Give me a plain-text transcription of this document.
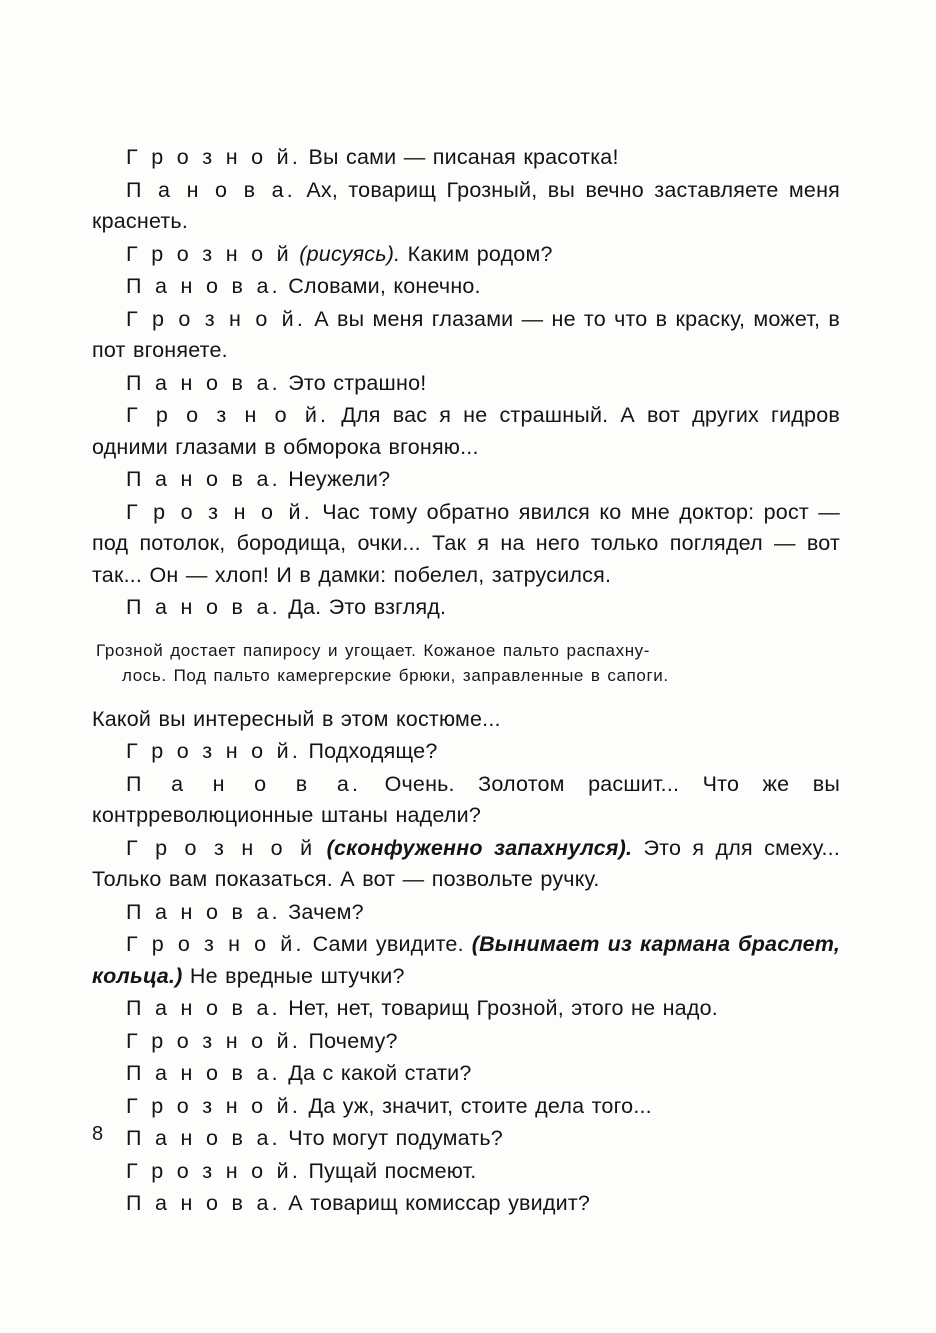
Г р о з н о й. Вы сами — писаная красотка!

П а н о в а. Ах, товарищ Грозный, вы вечно заставляете меня краснеть.

Г р о з н о й (рисуясь). Каким родом?

П а н о в а. Словами, конечно.

Г р о з н о й. А вы меня глазами — не то что в краску, может, в пот вгоняете.

П а н о в а. Это страшно!

Г р о з н о й. Для вас я не страшный. А вот других гидров одними глазами в обморока вгоняю...

П а н о в а. Неужели?

Г р о з н о й. Час тому обратно явился ко мне доктор: рост — под потолок, бородища, очки... Так я на него только поглядел — вот так... Он — хлоп! И в дамки: побелел, затрусился.

П а н о в а. Да. Это взгляд.

Грозной достает папиросу и угощает. Кожаное пальто распахну-
лось. Под пальто камергерские брюки, заправленные в сапоги.

Какой вы интересный в этом костюме...

Г р о з н о й. Подходяще?

П а н о в а. Очень. Золотом расшит... Что же вы контрреволюционные штаны надели?

Г р о з н о й (сконфуженно запахнулся). Это я для смеху... Только вам показаться. А вот — позвольте ручку.

П а н о в а. Зачем?

Г р о з н о й. Сами увидите. (Вынимает из кармана браслет, кольца.) Не вредные штучки?

П а н о в а. Нет, нет, товарищ Грозной, этого не надо.

Г р о з н о й. Почему?

П а н о в а. Да с какой стати?

Г р о з н о й. Да уж, значит, стоите дела того...

П а н о в а. Что могут подумать?

Г р о з н о й. Пущай посмеют.

П а н о в а. А товарищ комиссар увидит?

8
